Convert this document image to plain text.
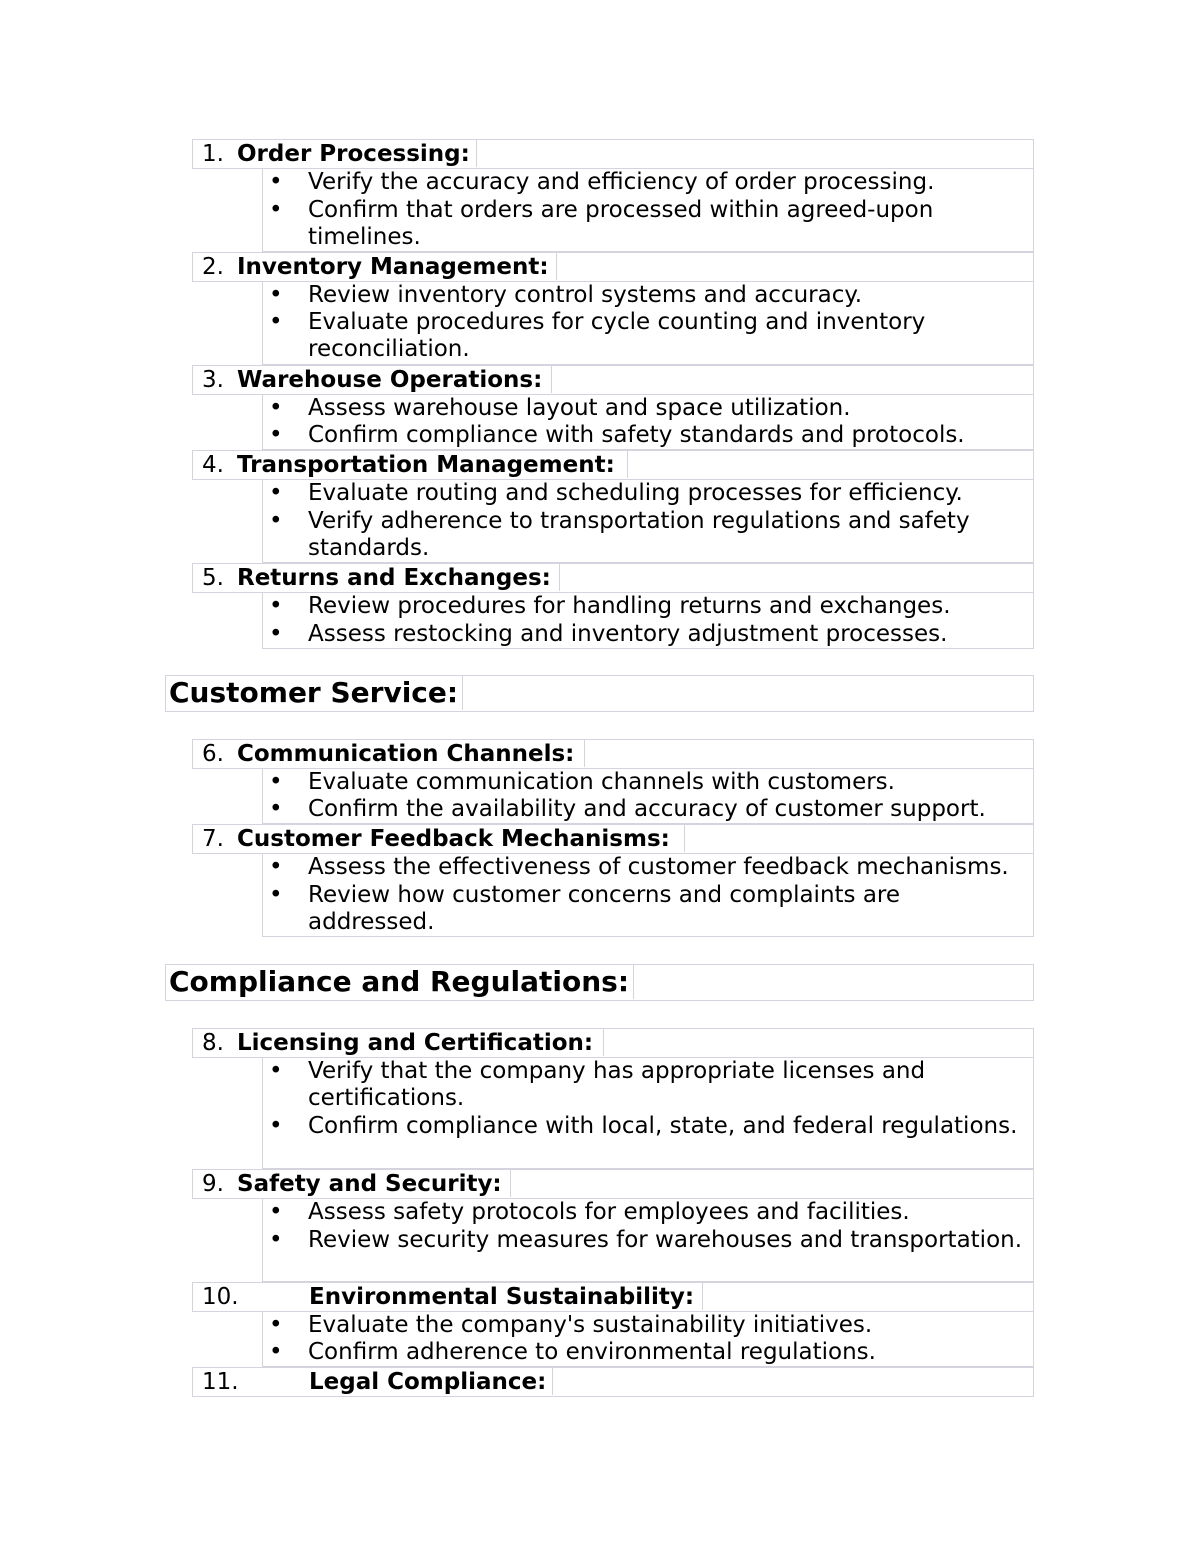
1. Order Processing:
• Verify the accuracy and efficiency of order processing.
• Confirm that orders are processed within agreed-upon timelines.
2. Inventory Management:
• Review inventory control systems and accuracy.
• Evaluate procedures for cycle counting and inventory reconciliation.
3. Warehouse Operations:
• Assess warehouse layout and space utilization.
• Confirm compliance with safety standards and protocols.
4. Transportation Management:
• Evaluate routing and scheduling processes for efficiency.
• Verify adherence to transportation regulations and safety standards.
5. Returns and Exchanges:
• Review procedures for handling returns and exchanges.
• Assess restocking and inventory adjustment processes.
Customer Service:
6. Communication Channels:
• Evaluate communication channels with customers.
• Confirm the availability and accuracy of customer support.
7. Customer Feedback Mechanisms:
• Assess the effectiveness of customer feedback mechanisms.
• Review how customer concerns and complaints are addressed.
Compliance and Regulations:
8. Licensing and Certification:
• Verify that the company has appropriate licenses and certifications.
• Confirm compliance with local, state, and federal regulations.
9. Safety and Security:
• Assess safety protocols for employees and facilities.
• Review security measures for warehouses and transportation.
10.	Environmental Sustainability:
• Evaluate the company's sustainability initiatives.
• Confirm adherence to environmental regulations.
11.	Legal Compliance:
